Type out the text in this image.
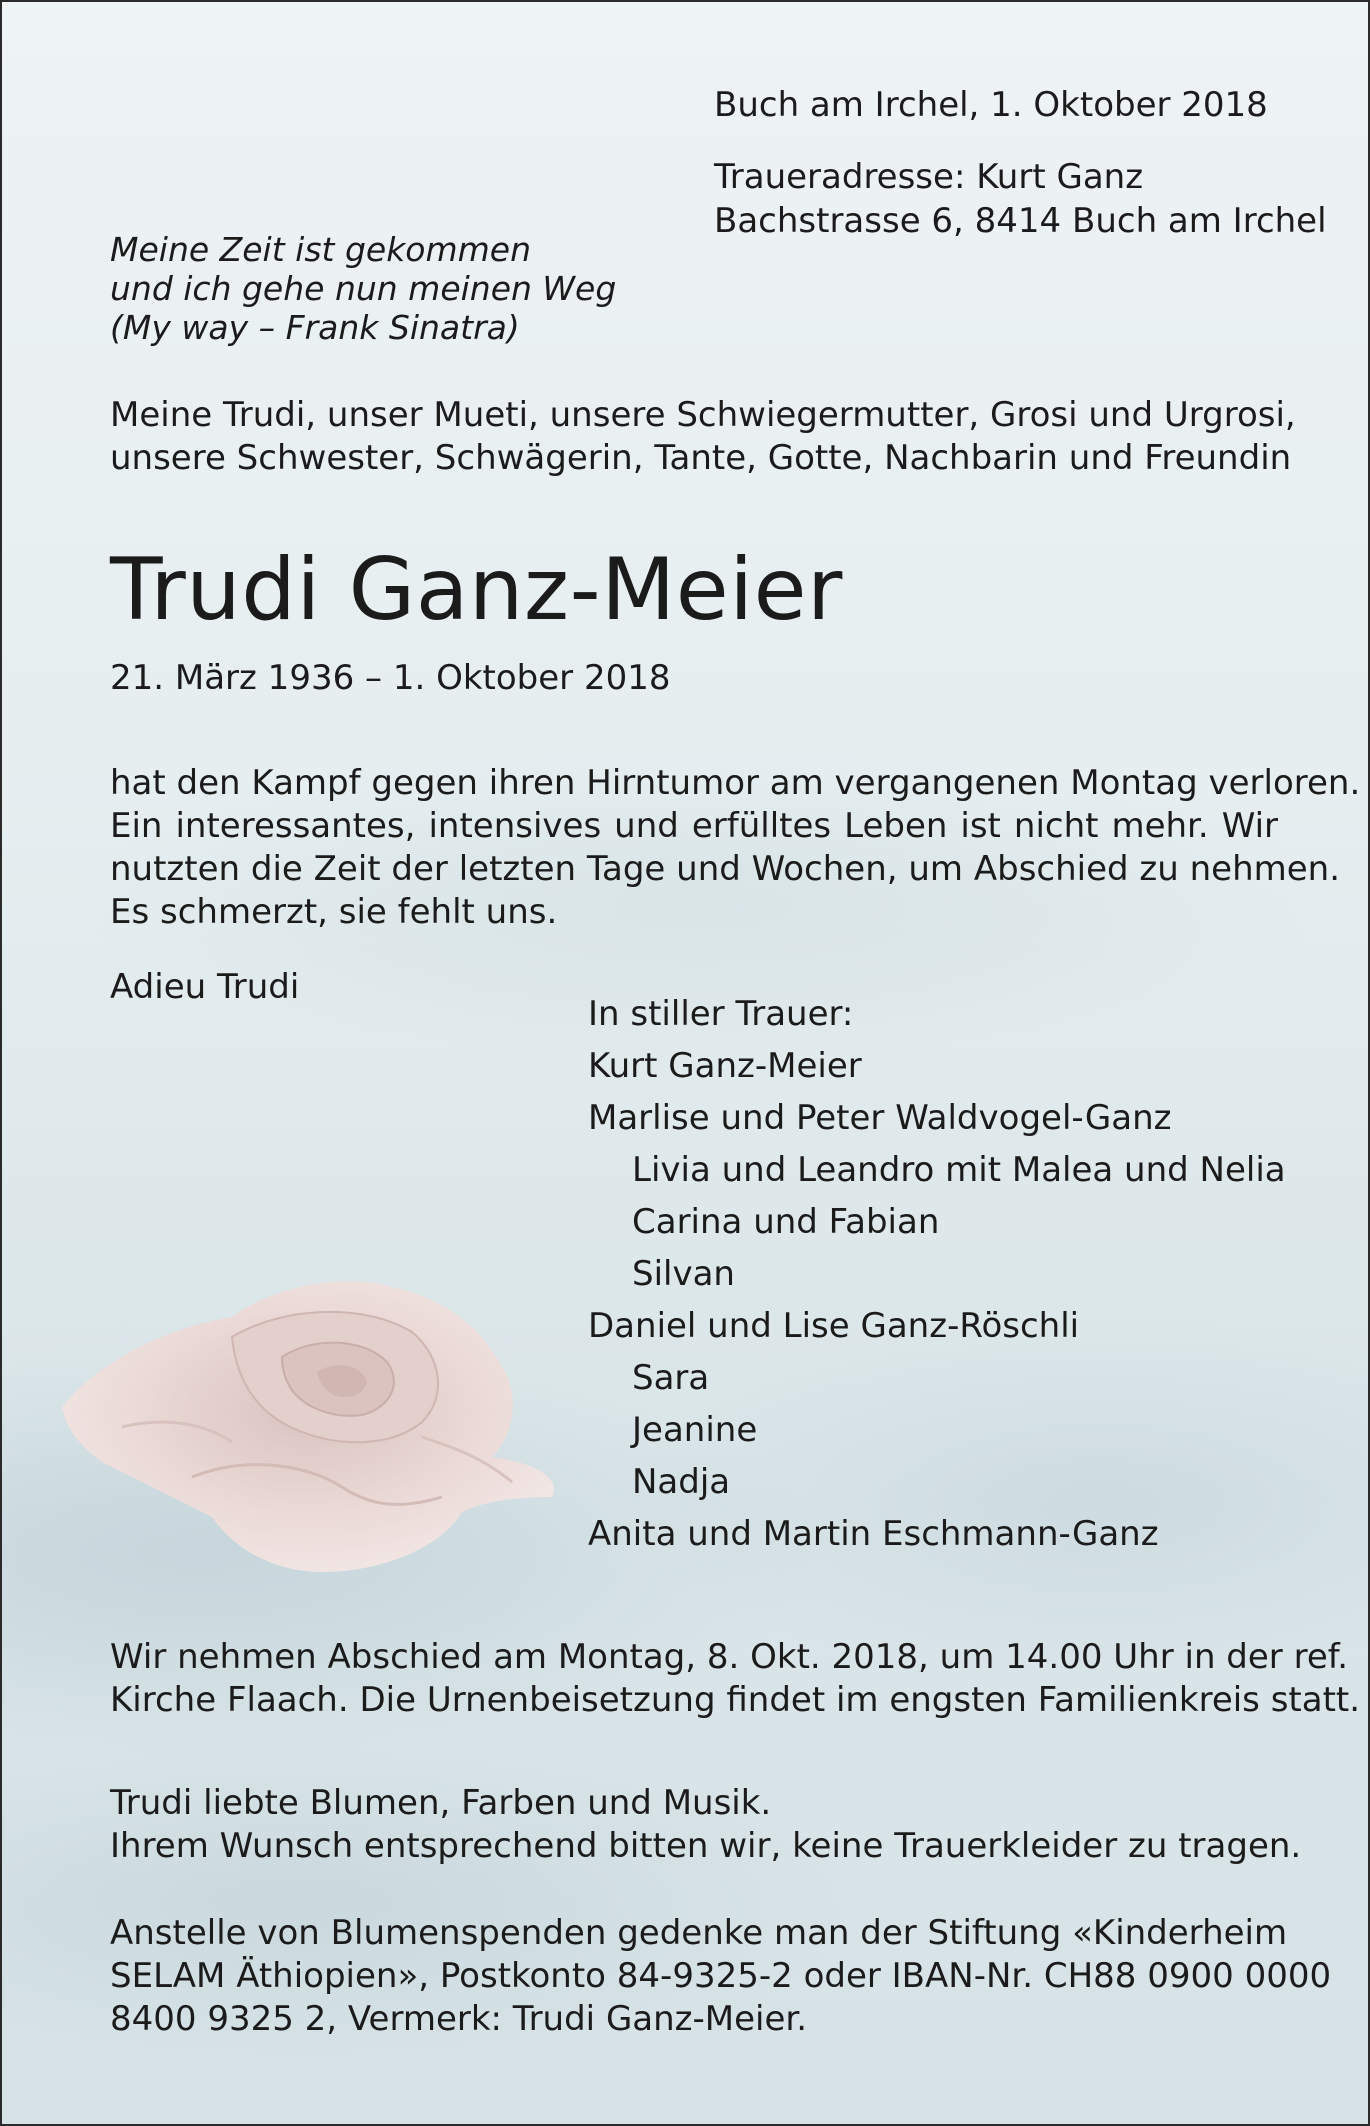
Buch am Irchel, 1. Oktober 2018
Traueradresse: Kurt Ganz
Bachstrasse 6, 8414 Buch am Irchel
Meine Zeit ist gekommen
und ich gehe nun meinen Weg
(My way – Frank Sinatra)
Meine Trudi, unser Mueti, unsere Schwiegermutter, Grosi und Urgrosi,
unsere Schwester, Schwägerin, Tante, Gotte, Nachbarin und Freundin
Trudi Ganz-Meier
21. März 1936 – 1. Oktober 2018
hat den Kampf gegen ihren Hirntumor am vergangenen Montag verloren.
Ein interessantes, intensives und erfülltes Leben ist nicht mehr. Wir
nutzten die Zeit der letzten Tage und Wochen, um Abschied zu nehmen.
Es schmerzt, sie fehlt uns.
Adieu Trudi
In stiller Trauer:
Kurt Ganz-Meier
Marlise und Peter Waldvogel-Ganz
Livia und Leandro mit Malea und Nelia
Carina und Fabian
Silvan
Daniel und Lise Ganz-Röschli
Sara
Jeanine
Nadja
Anita und Martin Eschmann-Ganz
Wir nehmen Abschied am Montag, 8. Okt. 2018, um 14.00 Uhr in der ref.
Kirche Flaach. Die Urnenbeisetzung findet im engsten Familienkreis statt.
Trudi liebte Blumen, Farben und Musik.
Ihrem Wunsch entsprechend bitten wir, keine Trauerkleider zu tragen.
Anstelle von Blumenspenden gedenke man der Stiftung «Kinderheim
SELAM Äthiopien», Postkonto 84-9325-2 oder IBAN-Nr. CH88 0900 0000
8400 9325 2, Vermerk: Trudi Ganz-Meier.
